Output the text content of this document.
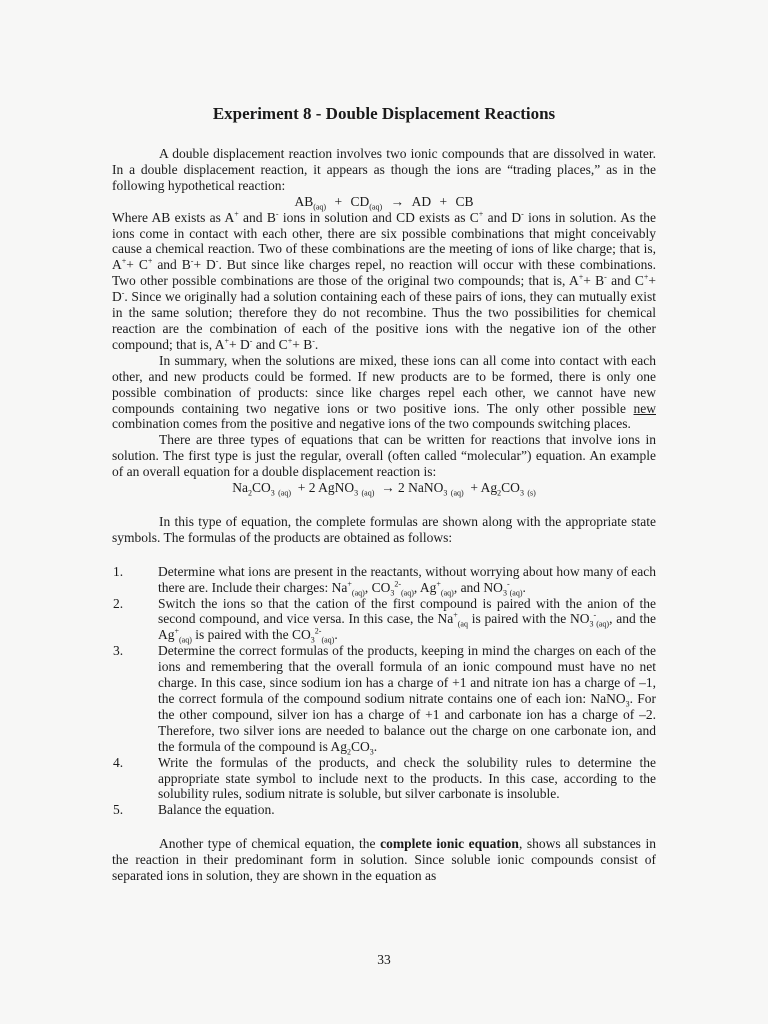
Experiment 8 - Double Displacement Reactions

A double displacement reaction involves two ionic compounds that are dissolved in water. In a double displacement reaction, it appears as though the ions are “trading places,” as in the following hypothetical reaction:

$AB_{(aq)} + CD_{(aq)}$ → AD + CB

Where AB exists as A+ and B- ions in solution and CD exists as C+ and D- ions in solution. As the ions come in contact with each other, there are six possible combinations that might conceivably cause a chemical reaction. Two of these combinations are the meeting of ions of like charge; that is, A++ C+ and B-+ D-. But since like charges repel, no reaction will occur with these combinations. Two other possible combinations are those of the original two compounds; that is, A++ B- and C++ D-. Since we originally had a solution containing each of these pairs of ions, they can mutually exist in the same solution; therefore they do not recombine. Thus the two possibilities for chemical reaction are the combination of each of the positive ions with the negative ion of the other compound; that is, A++ D- and C++ B-.

In summary, when the solutions are mixed, these ions can all come into contact with each other, and new products could be formed. If new products are to be formed, there is only one possible combination of products: since like charges repel each other, we cannot have new compounds containing two negative ions or two positive ions. The only other possible new combination comes from the positive and negative ions of the two compounds switching places.

There are three types of equations that can be written for reactions that involve ions in solution. The first type is just the regular, overall (often called “molecular”) equation. An example of an overall equation for a double displacement reaction is:

$Na_2CO_3$ $_{(aq)}$ + 2 AgNO$_3$ $_{(aq)}$ → 2 NaNO$_3$ $_{(aq)} + Ag_2CO_3$ $_{(s)}$

In this type of equation, the complete formulas are shown along with the appropriate state symbols. The formulas of the products are obtained as follows:

1.	Determine what ions are present in the reactants, without worrying about how many of each there are. Include their charges: $Na^+_{(aq)}$, $CO_3^{2-}_{(aq)}$, $Ag^+_{(aq)}$, and $NO_3^-_{(aq)}$.
2.	Switch the ions so that the cation of the first compound is paired with the anion of the second compound, and vice versa. In this case, the $Na^+_{(aq}$ is paired with the $NO_3^-_{(aq)}$, and the $Ag^+_{(aq)}$ is paired with the $CO_3^{2-}_{(aq)}$.
3.	Determine the correct formulas of the products, keeping in mind the charges on each of the ions and remembering that the overall formula of an ionic compound must have no net charge. In this case, since sodium ion has a charge of +1 and nitrate ion has a charge of –1, the correct formula of the compound sodium nitrate contains one of each ion: NaNO$_3$. For the other compound, silver ion has a charge of +1 and carbonate ion has a charge of –2. Therefore, two silver ions are needed to balance out the charge on one carbonate ion, and the formula of the compound is $Ag_2CO_3$.
4.	Write the formulas of the products, and check the solubility rules to determine the appropriate state symbol to include next to the products. In this case, according to the solubility rules, sodium nitrate is soluble, but silver carbonate is insoluble.
5.	Balance the equation.

Another type of chemical equation, the complete ionic equation, shows all substances in the reaction in their predominant form in solution. Since soluble ionic compounds consist of separated ions in solution, they are shown in the equation as

33
